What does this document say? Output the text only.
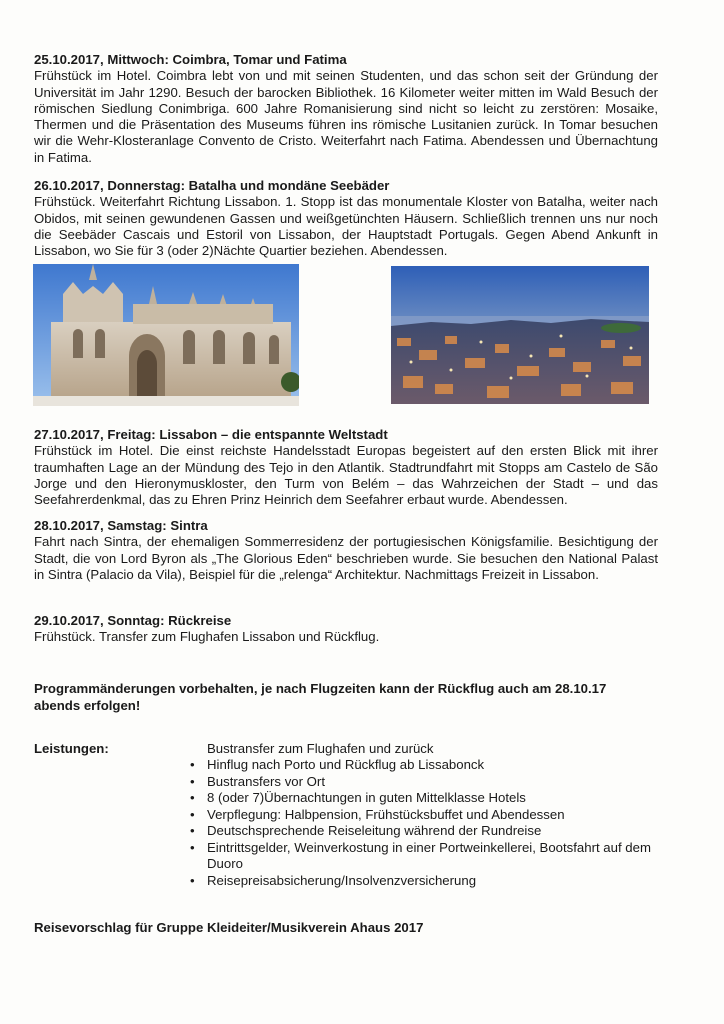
25.10.2017, Mittwoch: Coimbra, Tomar und Fatima
Frühstück im Hotel. Coimbra lebt von und mit seinen Studenten, und das schon seit der Gründung der Universität im Jahr 1290. Besuch der barocken Bibliothek. 16 Kilometer weiter mitten im Wald Besuch der römischen Siedlung Conimbriga. 600 Jahre Romanisierung sind nicht so leicht zu zerstören: Mosaike, Thermen und die Präsentation des Museums führen ins römische Lusitanien zurück. In Tomar besuchen wir die Wehr-Klosteranlage Convento de Cristo. Weiterfahrt nach Fatima. Abendessen und Übernachtung in Fatima.
26.10.2017, Donnerstag: Batalha und mondäne Seebäder
Frühstück. Weiterfahrt Richtung Lissabon. 1. Stopp ist das monumentale Kloster von Batalha, weiter nach Obidos, mit seinen gewundenen Gassen und weißgetünchten Häusern. Schließlich trennen uns nur noch die Seebäder Cascais und Estoril von Lissabon, der Hauptstadt Portugals. Gegen Abend Ankunft in Lissabon, wo Sie für 3 (oder 2)Nächte Quartier beziehen. Abendessen.
27.10.2017, Freitag: Lissabon – die entspannte Weltstadt
Frühstück im Hotel. Die einst reichste Handelsstadt Europas begeistert auf den ersten Blick mit ihrer traumhaften Lage an der Mündung des Tejo in den Atlantik. Stadtrundfahrt mit Stopps am Castelo de São Jorge und den Hieronymuskloster, den Turm von Belém – das Wahrzeichen der Stadt – und das Seefahrerdenkmal, das zu Ehren Prinz Heinrich dem Seefahrer erbaut wurde. Abendessen.
28.10.2017, Samstag: Sintra
Fahrt nach Sintra, der ehemaligen Sommerresidenz der portugiesischen Königsfamilie. Besichtigung der Stadt, die von Lord Byron als „The Glorious Eden“ beschrieben wurde. Sie besuchen den National Palast in Sintra (Palacio da Vila), Beispiel für die „relenga“ Architektur. Nachmittags Freizeit in Lissabon.
29.10.2017, Sonntag: Rückreise
Frühstück. Transfer zum Flughafen Lissabon und Rückflug.
Programmänderungen vorbehalten, je nach Flugzeiten kann der Rückflug auch am 28.10.17 abends erfolgen!
Leistungen:	Bustransfer zum Flughafen und zurück
• Hinflug nach Porto und Rückflug ab Lissabonck
• Bustransfers vor Ort
• 8 (oder 7)Übernachtungen in guten Mittelklasse Hotels
• Verpflegung: Halbpension, Frühstücksbuffet und Abendessen
• Deutschsprechende Reiseleitung während der Rundreise
• Eintrittsgelder, Weinverkostung in einer Portweinkellerei, Bootsfahrt auf dem Duoro
• Reisepreisabsicherung/Insolvenzversicherung
Reisevorschlag für Gruppe Kleideiter/Musikverein Ahaus 2017
